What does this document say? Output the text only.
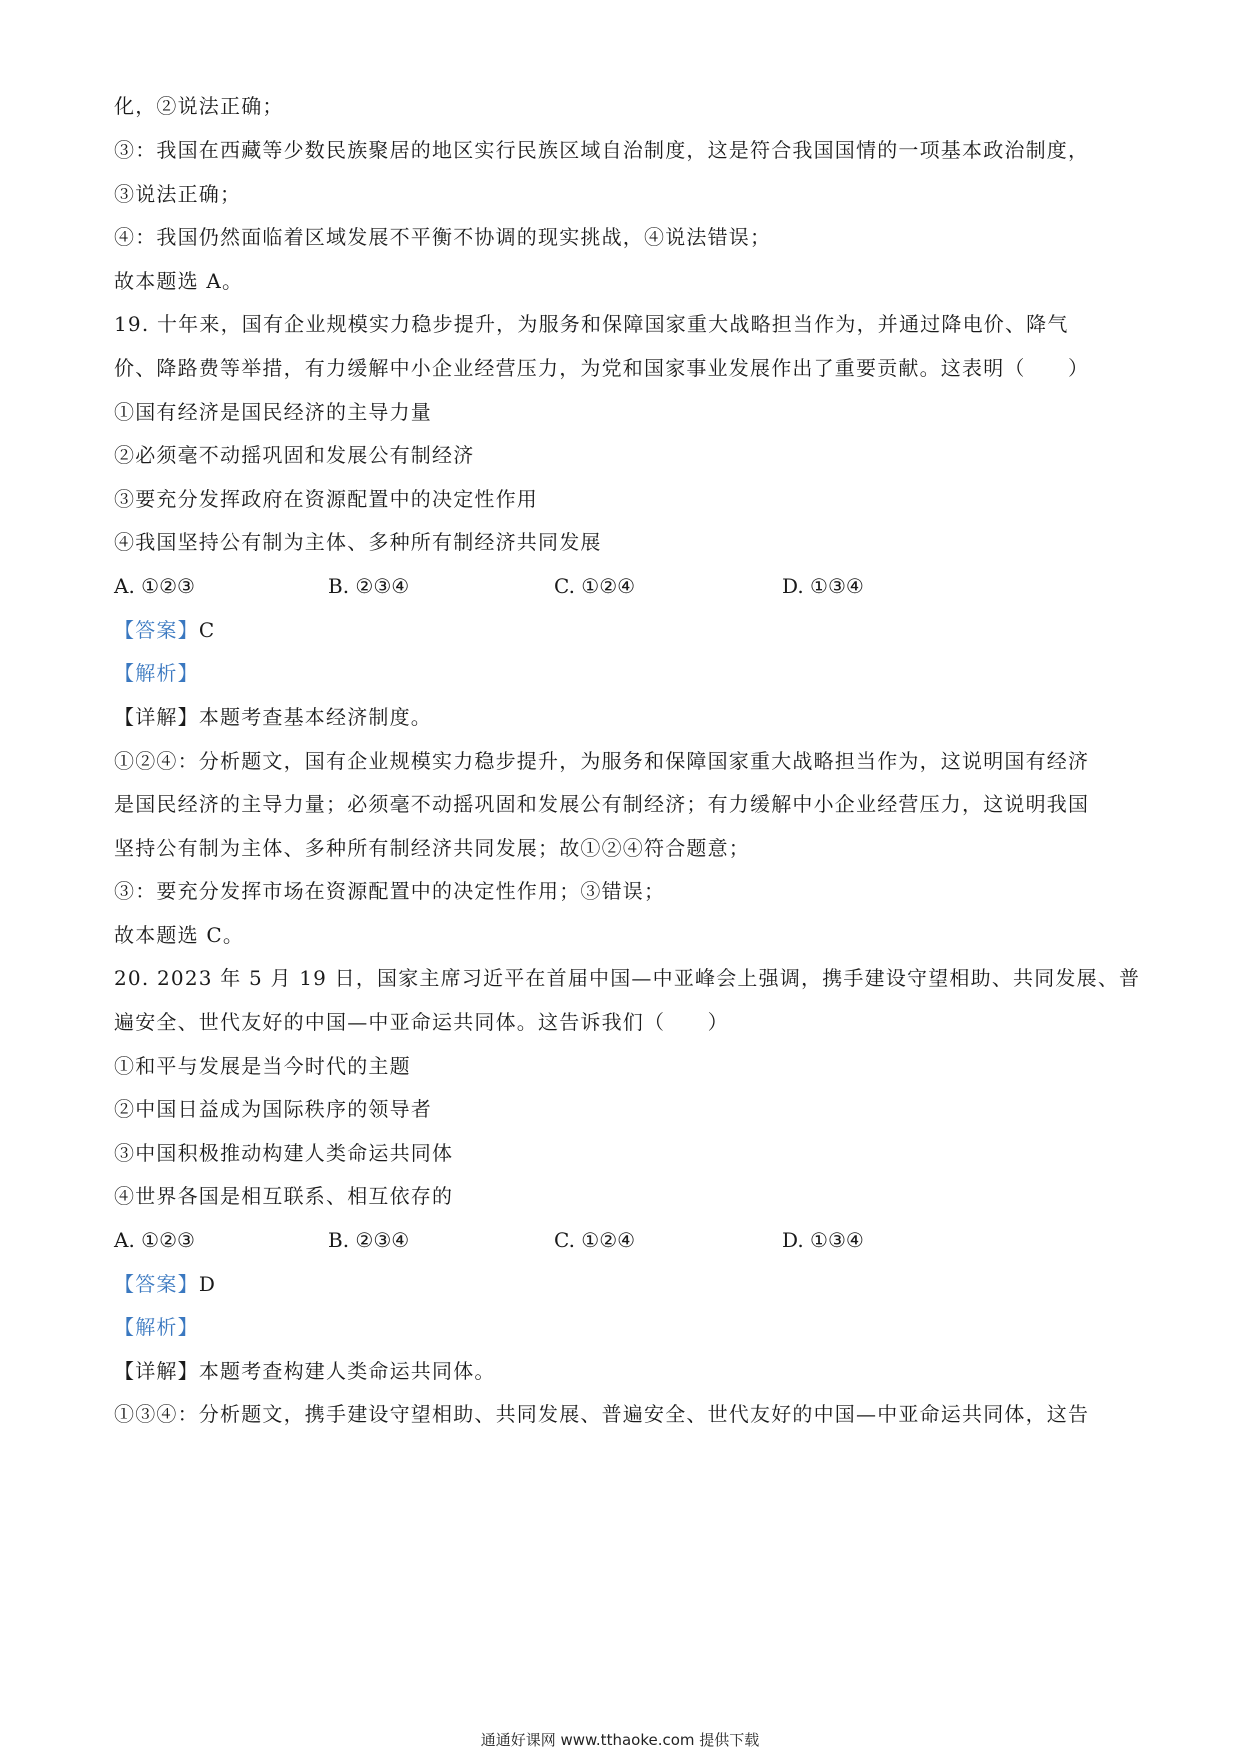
化，②说法正确；
③：我国在西藏等少数民族聚居的地区实行民族区域自治制度，这是符合我国国情的一项基本政治制度，
③说法正确；
④：我国仍然面临着区域发展不平衡不协调的现实挑战，④说法错误；
故本题选 A。
19. 十年来，国有企业规模实力稳步提升，为服务和保障国家重大战略担当作为，并通过降电价、降气
价、降路费等举措，有力缓解中小企业经营压力，为党和国家事业发展作出了重要贡献。这表明（　　）
①国有经济是国民经济的主导力量
②必须毫不动摇巩固和发展公有制经济
③要充分发挥政府在资源配置中的决定性作用
④我国坚持公有制为主体、多种所有制经济共同发展
A. ①②③	B. ②③④	C. ①②④	D. ①③④
【答案】C
【解析】
【详解】本题考查基本经济制度。
①②④：分析题文，国有企业规模实力稳步提升，为服务和保障国家重大战略担当作为，这说明国有经济
是国民经济的主导力量；必须毫不动摇巩固和发展公有制经济；有力缓解中小企业经营压力，这说明我国
坚持公有制为主体、多种所有制经济共同发展；故①②④符合题意；
③：要充分发挥市场在资源配置中的决定性作用；③错误；
故本题选 C。
20. 2023 年 5 月 19 日，国家主席习近平在首届中国—中亚峰会上强调，携手建设守望相助、共同发展、普
遍安全、世代友好的中国—中亚命运共同体。这告诉我们（　　）
①和平与发展是当今时代的主题
②中国日益成为国际秩序的领导者
③中国积极推动构建人类命运共同体
④世界各国是相互联系、相互依存的
A. ①②③	B. ②③④	C. ①②④	D. ①③④
【答案】D
【解析】
【详解】本题考查构建人类命运共同体。
①③④：分析题文，携手建设守望相助、共同发展、普遍安全、世代友好的中国—中亚命运共同体，这告
通通好课网 www.tthaoke.com 提供下载
